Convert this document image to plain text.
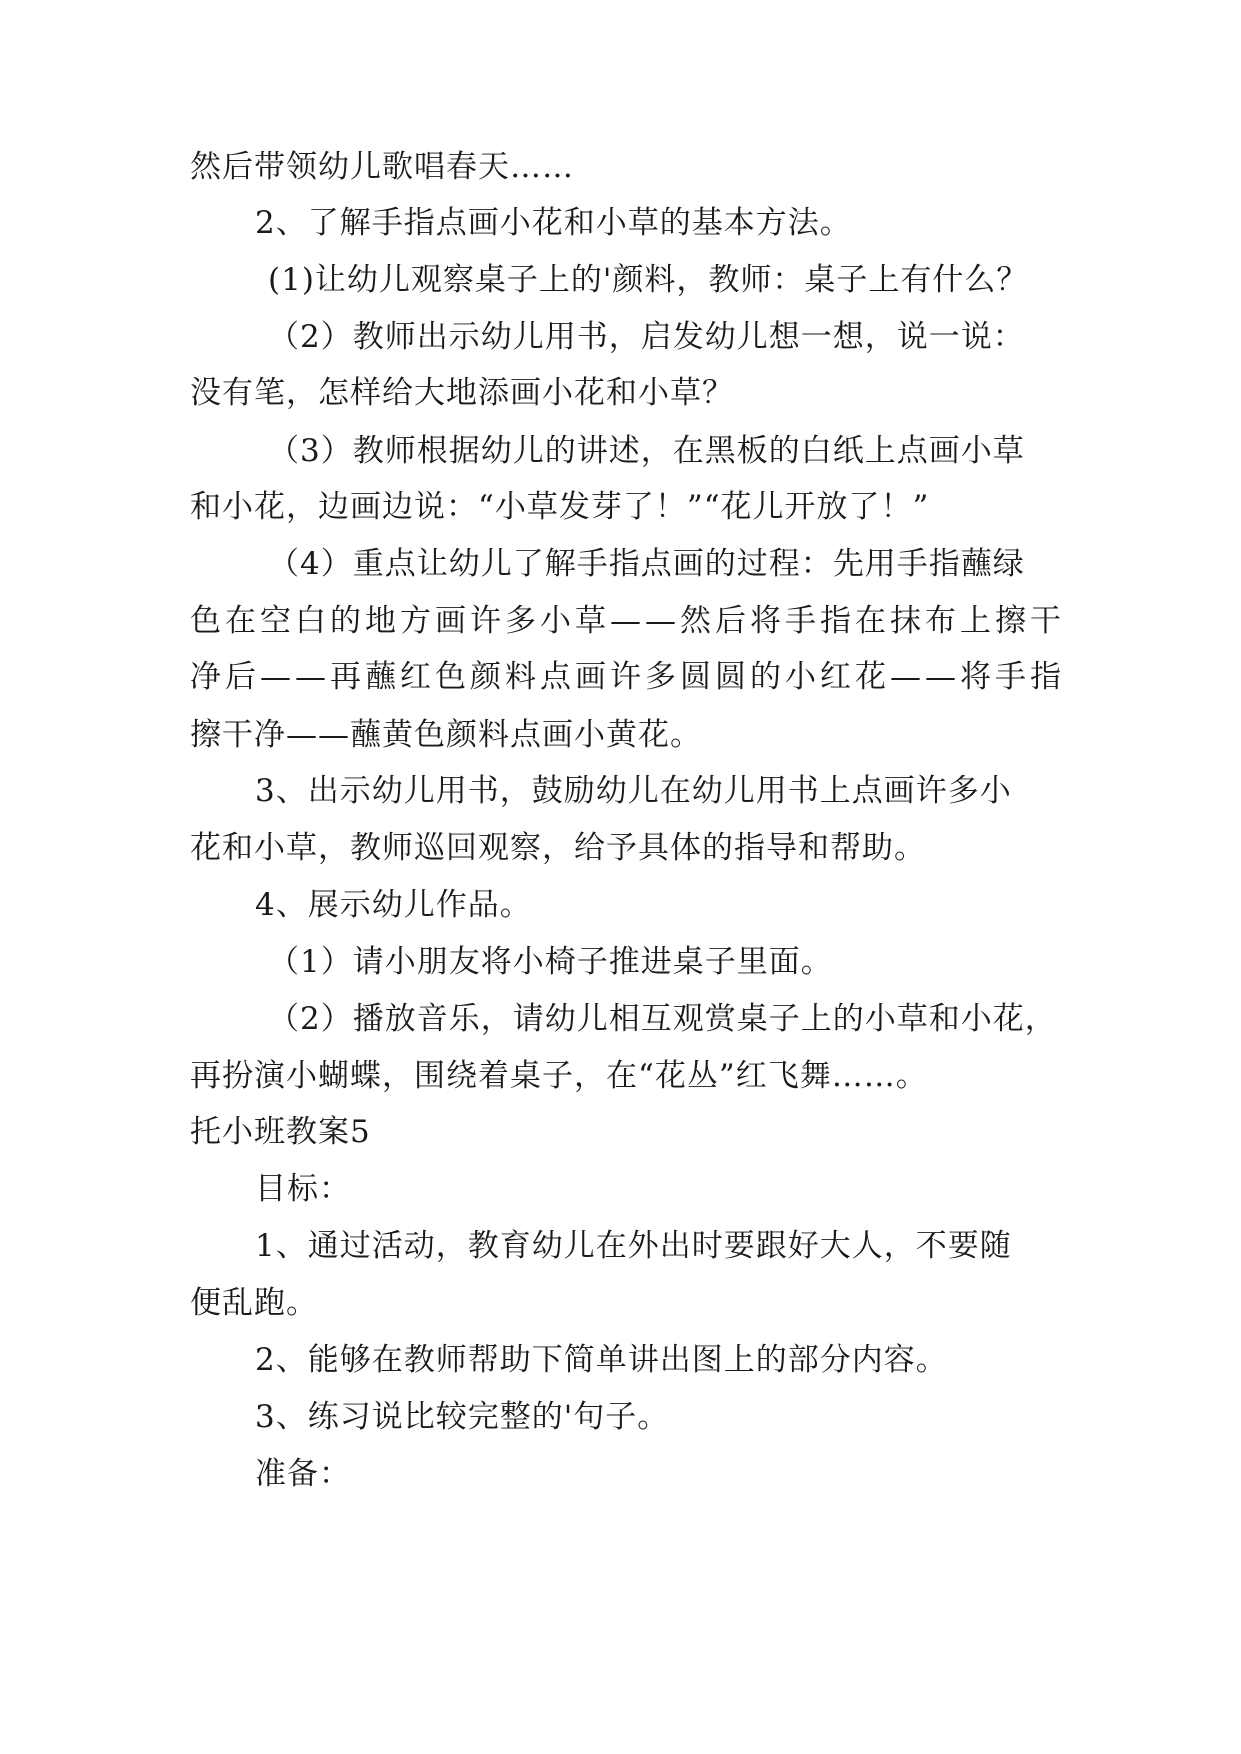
然后带领幼儿歌唱春天……
2、了解手指点画小花和小草的基本方法。
(1)让幼儿观察桌子上的'颜料，教师：桌子上有什么？
（2）教师出示幼儿用书，启发幼儿想一想，说一说：
没有笔，怎样给大地添画小花和小草？
（3）教师根据幼儿的讲述，在黑板的白纸上点画小草
和小花，边画边说：“小草发芽了！”“花儿开放了！”
（4）重点让幼儿了解手指点画的过程：先用手指蘸绿
色在空白的地方画许多小草——然后将手指在抹布上擦干
净后——再蘸红色颜料点画许多圆圆的小红花——将手指
擦干净——蘸黄色颜料点画小黄花。
3、出示幼儿用书，鼓励幼儿在幼儿用书上点画许多小
花和小草，教师巡回观察，给予具体的指导和帮助。
4、展示幼儿作品。
（1）请小朋友将小椅子推进桌子里面。
（2）播放音乐，请幼儿相互观赏桌子上的小草和小花，
再扮演小蝴蝶，围绕着桌子，在“花丛”红飞舞……。
托小班教案5
目标：
1、通过活动，教育幼儿在外出时要跟好大人，不要随
便乱跑。
2、能够在教师帮助下简单讲出图上的部分内容。
3、练习说比较完整的'句子。
准备：
